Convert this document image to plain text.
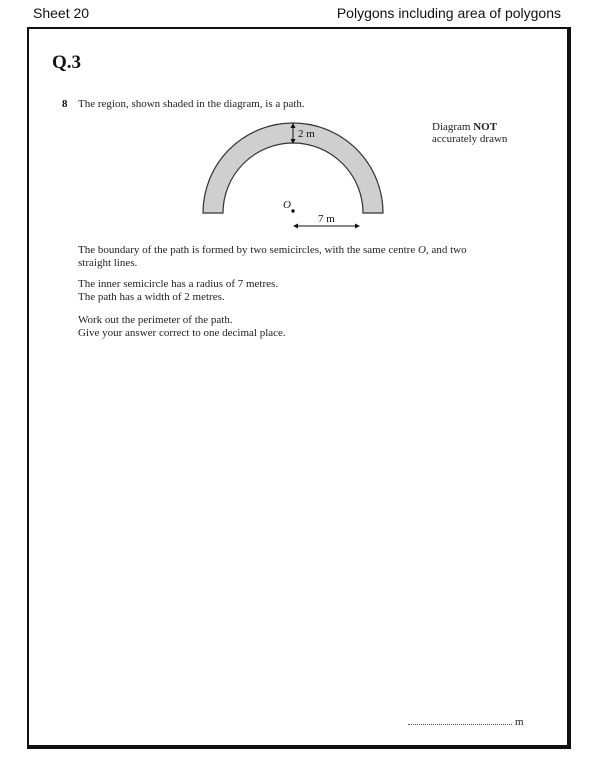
Sheet 20	Polygons including area of polygons
Q.3
8 The region, shown shaded in the diagram, is a path.
Diagram NOT
accurately drawn
2 m
O
7 m
The boundary of the path is formed by two semicircles, with the same centre O, and two straight lines.
The inner semicircle has a radius of 7 metres.
The path has a width of 2 metres.
Work out the perimeter of the path.
Give your answer correct to one decimal place.
m
